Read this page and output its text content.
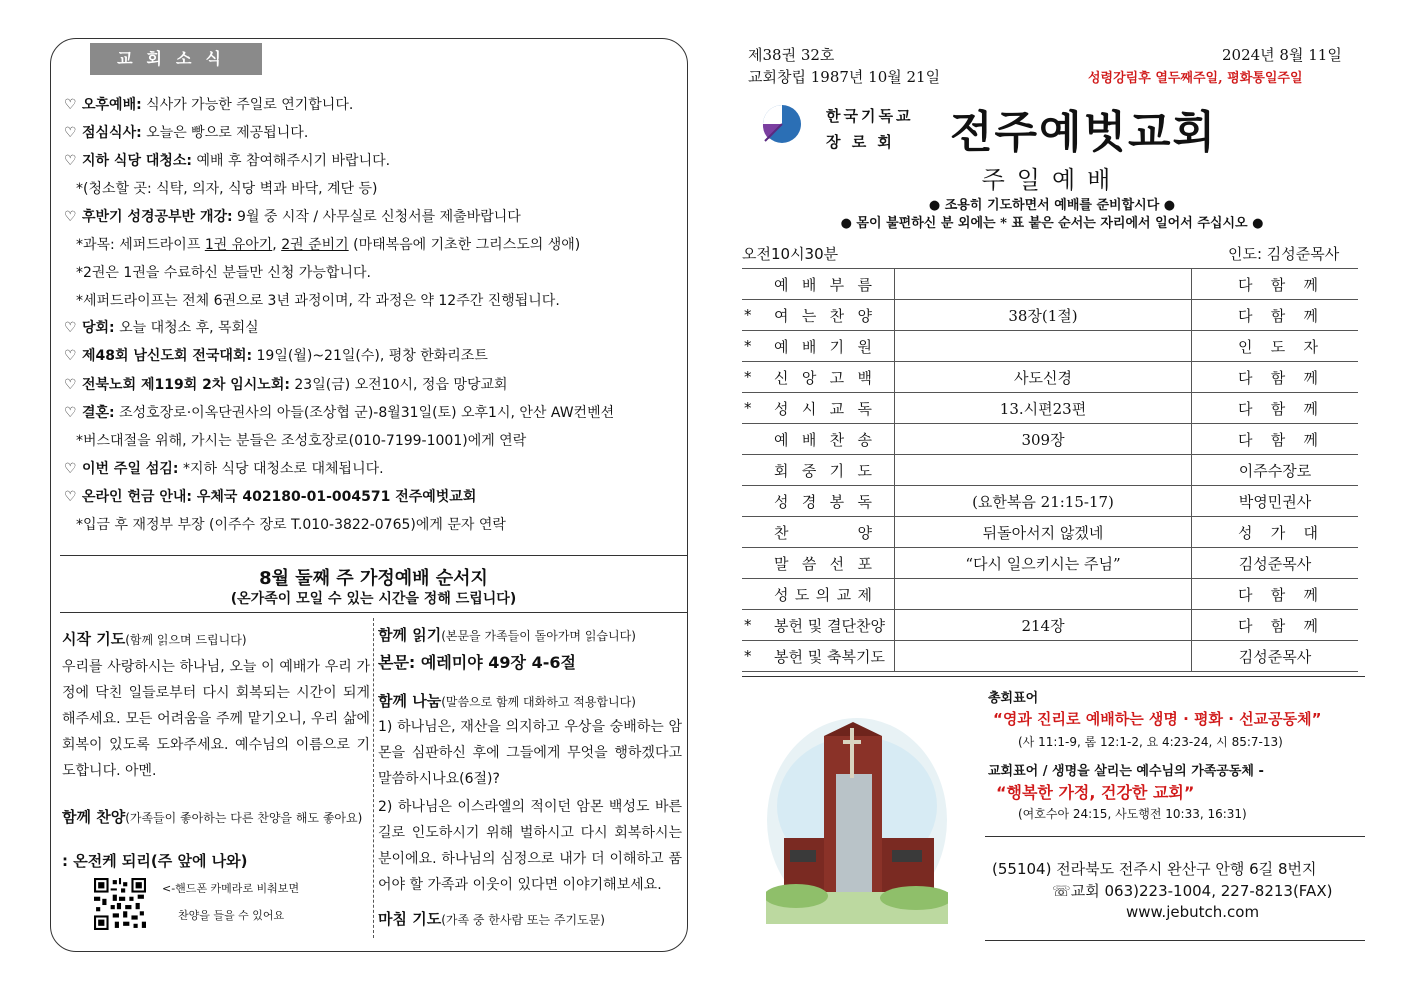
교회소식
♡ 오후예배: 식사가 가능한 주일로 연기합니다.
♡ 점심식사: 오늘은 빵으로 제공됩니다.
♡ 지하 식당 대청소: 예배 후 참여해주시기 바랍니다.
*(청소할 곳: 식탁, 의자, 식당 벽과 바닥, 계단 등)
♡ 후반기 성경공부반 개강: 9월 중 시작 / 사무실로 신청서를 제출바랍니다
*과목: 세퍼드라이프 1권 유아기, 2권 준비기 (마태복음에 기초한 그리스도의 생애)
*2권은 1권을 수료하신 분들만 신청 가능합니다.
*세퍼드라이프는 전체 6권으로 3년 과정이며, 각 과정은 약 12주간 진행됩니다.
♡ 당회: 오늘 대청소 후, 목회실
♡ 제48회 남신도회 전국대회: 19일(월)~21일(수), 평창 한화리조트
♡ 전북노회 제119회 2차 임시노회: 23일(금) 오전10시, 정읍 망당교회
♡ 결혼: 조성호장로·이옥단권사의 아들(조상협 군)-8월31일(토) 오후1시, 안산 AW컨벤션
*버스대절을 위해, 가시는 분들은 조성호장로(010-7199-1001)에게 연락
♡ 이번 주일 섬김: *지하 식당 대청소로 대체됩니다.
♡ 온라인 헌금 안내: 우체국 402180-01-004571 전주예벗교회
*입금 후 재정부 부장 (이주수 장로 T.010-3822-0765)에게 문자 연락
8월 둘째 주 가정예배 순서지
(온가족이 모일 수 있는 시간을 정해 드립니다)
시작 기도(함께 읽으며 드립니다)
우리를 사랑하시는 하나님, 오늘 이 예배가 우리 가정에 닥친 일들로부터 다시 회복되는 시간이 되게 해주세요. 모든 어려움을 주께 맡기오니, 우리 삶에 회복이 있도록 도와주세요. 예수님의 이름으로 기도합니다. 아멘.
함께 찬양(가족들이 좋아하는 다른 찬양을 해도 좋아요)
: 온전케 되리(주 앞에 나와)
<-핸드폰 카메라로 비춰보면
찬양을 들을 수 있어요
함께 읽기(본문을 가족들이 돌아가며 읽습니다)
본문: 예레미야 49장 4-6절
함께 나눔(말씀으로 함께 대화하고 적용합니다)
1) 하나님은, 재산을 의지하고 우상을 숭배하는 암몬을 심판하신 후에 그들에게 무엇을 행하겠다고 말씀하시나요(6절)?
2) 하나님은 이스라엘의 적이던 암몬 백성도 바른 길로 인도하시기 위해 벌하시고 다시 회복하시는 분이에요. 하나님의 심정으로 내가 더 이해하고 품어야 할 가족과 이웃이 있다면 이야기해보세요.
마침 기도(가족 중 한사람 또는 주기도문)
제38권 32호	2024년 8월 11일
교회창립 1987년 10월 21일	성령강림후 열두째주일, 평화통일주일
한국기독교
장 로 회	전주예벗교회
주일예배
● 조용히 기도하면서 예배를 준비합시다 ●
● 몸이 불편하신 분 외에는 * 표 붙은 순서는 자리에서 일어서 주십시오 ●
오전10시30분	인도: 김성준목사

	예 배 부 름		다 함 께

*	여 는 찬 양	38장(1절)	다 함 께

*	예 배 기 원		인 도 자

*	신 앙 고 백	사도신경	다 함 께

*	성 시 교 독	13.시편23편	다 함 께

	예 배 찬 송	309장	다 함 께

	회 중 기 도		이주수장로

	성 경 봉 독	(요한복음 21:15-17)	박영민권사

	찬 양	뒤돌아서지 않겠네	성 가 대

	말 씀 선 포	“다시 일으키시는 주님”	김성준목사

	성 도 의 교 제		다 함 께

*	봉헌 및 결단찬양	214장	다 함 께

*	봉헌 및 축복기도		김성준목사
총회표어
“영과 진리로 예배하는 생명 · 평화 · 선교공동체”
(사 11:1-9, 롬 12:1-2, 요 4:23-24, 시 85:7-13)
교회표어 / 생명을 살리는 예수님의 가족공동체 -
“행복한 가정, 건강한 교회”
(여호수아 24:15, 사도행전 10:33, 16:31)
(55104) 전라북도 전주시 완산구 안행 6길 8번지
☏교회 063)223-1004, 227-8213(FAX)
www.jebutch.com
